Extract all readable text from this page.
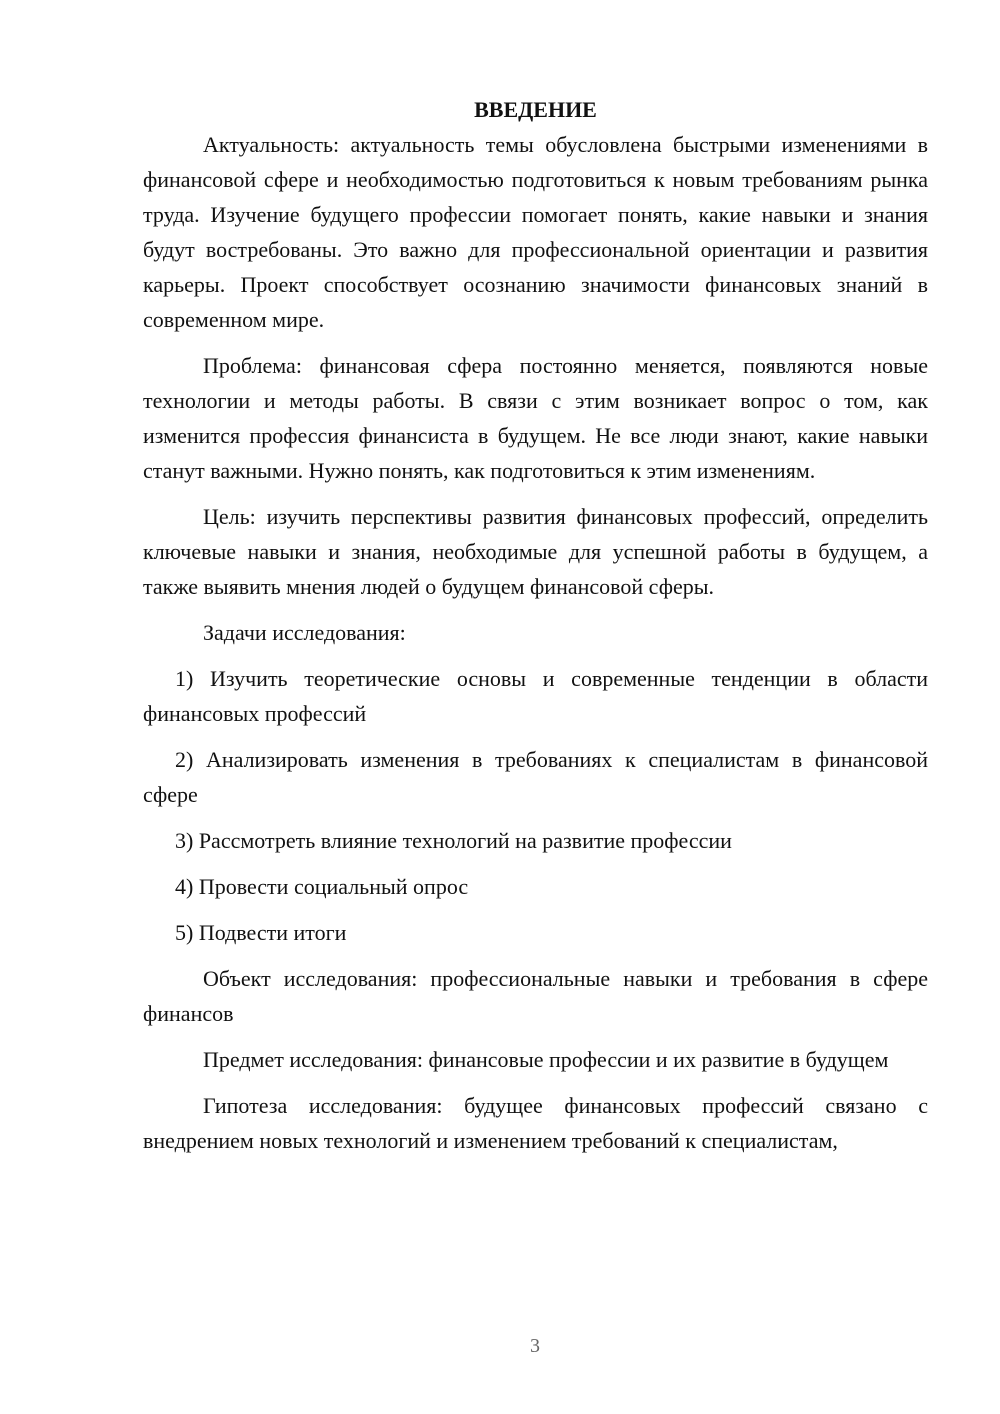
ВВЕДЕНИЕ

Актуальность: актуальность темы обусловлена быстрыми изменениями в финансовой сфере и необходимостью подготовиться к новым требованиям рынка труда. Изучение будущего профессии помогает понять, какие навыки и знания будут востребованы. Это важно для профессиональной ориентации и развития карьеры. Проект способствует осознанию значимости финансовых знаний в современном мире.

Проблема: финансовая сфера постоянно меняется, появляются новые технологии и методы работы. В связи с этим возникает вопрос о том, как изменится профессия финансиста в будущем. Не все люди знают, какие навыки станут важными. Нужно понять, как подготовиться к этим изменениям.

Цель: изучить перспективы развития финансовых профессий, определить ключевые навыки и знания, необходимые для успешной работы в будущем, а также выявить мнения людей о будущем финансовой сферы.

Задачи исследования:

1) Изучить теоретические основы и современные тенденции в области финансовых профессий

2) Анализировать изменения в требованиях к специалистам в финансовой сфере

3) Рассмотреть влияние технологий на развитие профессии

4) Провести социальный опрос

5) Подвести итоги

Объект исследования: профессиональные навыки и требования в сфере финансов

Предмет исследования: финансовые профессии и их развитие в будущем

Гипотеза исследования: будущее финансовых профессий связано с внедрением новых технологий и изменением требований к специалистам,

3
